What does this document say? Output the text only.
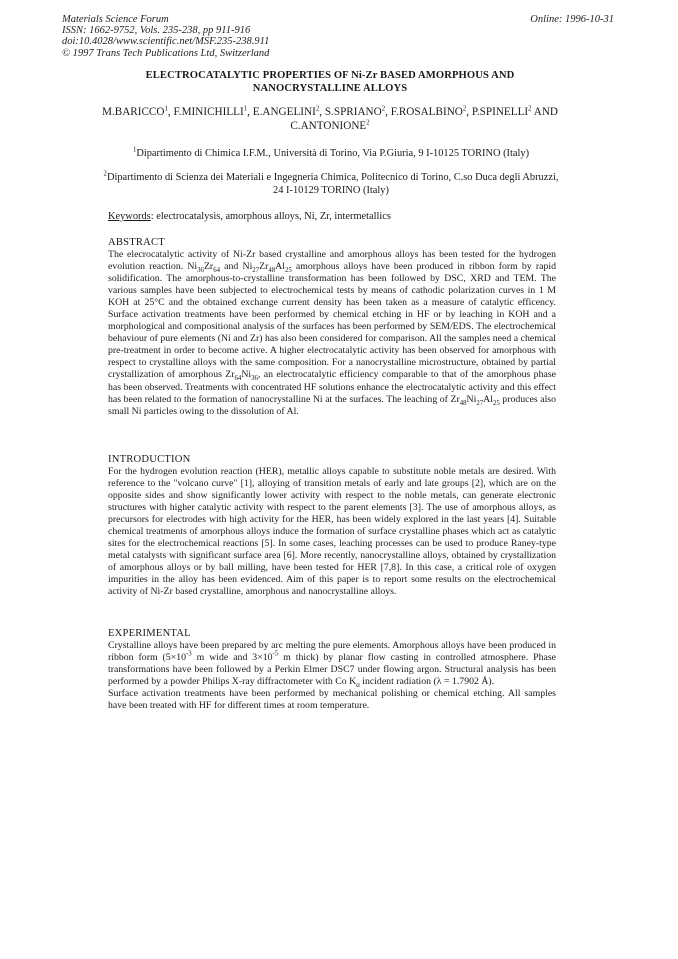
Materials Science Forum
ISSN: 1662-9752, Vols. 235-238, pp 911-916
doi:10.4028/www.scientific.net/MSF.235-238.911
© 1997 Trans Tech Publications Ltd, Switzerland
Online: 1996-10-31
ELECTROCATALYTIC PROPERTIES OF Ni-Zr BASED AMORPHOUS AND
NANOCRYSTALLINE ALLOYS
M.BARICCO$^1$, F.MINICHILLI$^1$, E.ANGELINI$^2$, S.SPRIANO$^2$, F.ROSALBINO$^2$, P.SPINELLI$^2$ AND C.ANTONIONE$^2$
$^1$Dipartimento di Chimica I.F.M., Università di Torino, Via P.Giuria, 9 I-10125 TORINO (Italy)
$^2$Dipartimento di Scienza dei Materiali e Ingegneria Chimica, Politecnico di Torino, C.so Duca degli Abruzzi, 24 I-10129 TORINO (Italy)
Keywords: electrocatalysis, amorphous alloys, Ni, Zr, intermetallics
ABSTRACT

The elecrocatalytic activity of Ni-Zr based crystalline and amorphous alloys has been tested for the hydrogen evolution reaction. $Ni_{36}Zr_{64}$ and $Ni_{27}Zr_{48}Al_{25}$ amorphous alloys have been produced in ribbon form by rapid solidification. The amorphous-to-crystalline transformation has been followed by DSC, XRD and TEM. The various samples have been subjected to electrochemical tests by means of cathodic polarization curves in 1 M KOH at 25°C and the obtained exchange current density has been taken as a measure of catalytic efficency. Surface activation treatments have been performed by chemical etching in HF or by leaching in KOH and a morphological and compositional analysis of the surfaces has been performed by SEM/EDS. The electrochemical behaviour of pure elements (Ni and Zr) has also been considered for comparison. All the samples need a chemical pre-treatment in order to become active. A higher electrocatalytic activity has been observed for amorphous with respect to crystalline alloys with the same composition. For a nanocrystalline microstructure, obtained by partial crystallization of amorphous $Zr_{64}Ni_{36}$, an electrocatalytic efficiency comparable to that of the amorphous phase has been observed. Treatments with concentrated HF solutions enhance the electrocatalytic activity and this effect has been related to the formation of nanocrystalline Ni at the surfaces. The leaching of $Zr_{48}Ni_{27}Al_{25}$ produces also small Ni particles owing to the dissolution of Al.

INTRODUCTION

For the hydrogen evolution reaction (HER), metallic alloys capable to substitute noble metals are desired. With reference to the "volcano curve" [1], alloying of transition metals of early and late groups [2], which are on the opposite sides and show significantly lower activity with respect to the noble metals, can generate electronic structures with higher catalytic activity with respect to the parent elements [3]. The use of amorphous alloys, as precursors for electrodes with high activity for the HER, has been widely explored in the last years [4]. Suitable chemical treatments of amorphous alloys induce the formation of surface crystalline phases which act as catalytic sites for the electrochemical reactions [5]. In some cases, leaching processes can be used to produce Raney-type metal catalysts with significant surface area [6]. More recently, nanocrystalline alloys, obtained by crystallization of amorphous alloys or by ball milling, have been tested for HER [7,8]. In this case, a critical role of oxygen impurities in the alloy has been evidenced. Aim of this paper is to report some results on the electrochemical activity of Ni-Zr based crystalline, amorphous and nanocrystalline alloys.

EXPERIMENTAL

Crystalline alloys have been prepared by arc melting the pure elements. Amorphous alloys have been produced in ribbon form ($5\times 10^{-3}$ m wide and $3\times 10^{-5}$ m thick) by planar flow casting in controlled atmosphere. Phase transformations have been followed by a Perkin Elmer DSC7 under flowing argon. Structural analysis has been performed by a powder Philips X-ray diffractometer with Co $K_\alpha$ incident radiation (λ = 1.7902 Å).
Surface activation treatments have been performed by mechanical polishing or chemical etching. All samples have been treated with HF for different times at room temperature.
